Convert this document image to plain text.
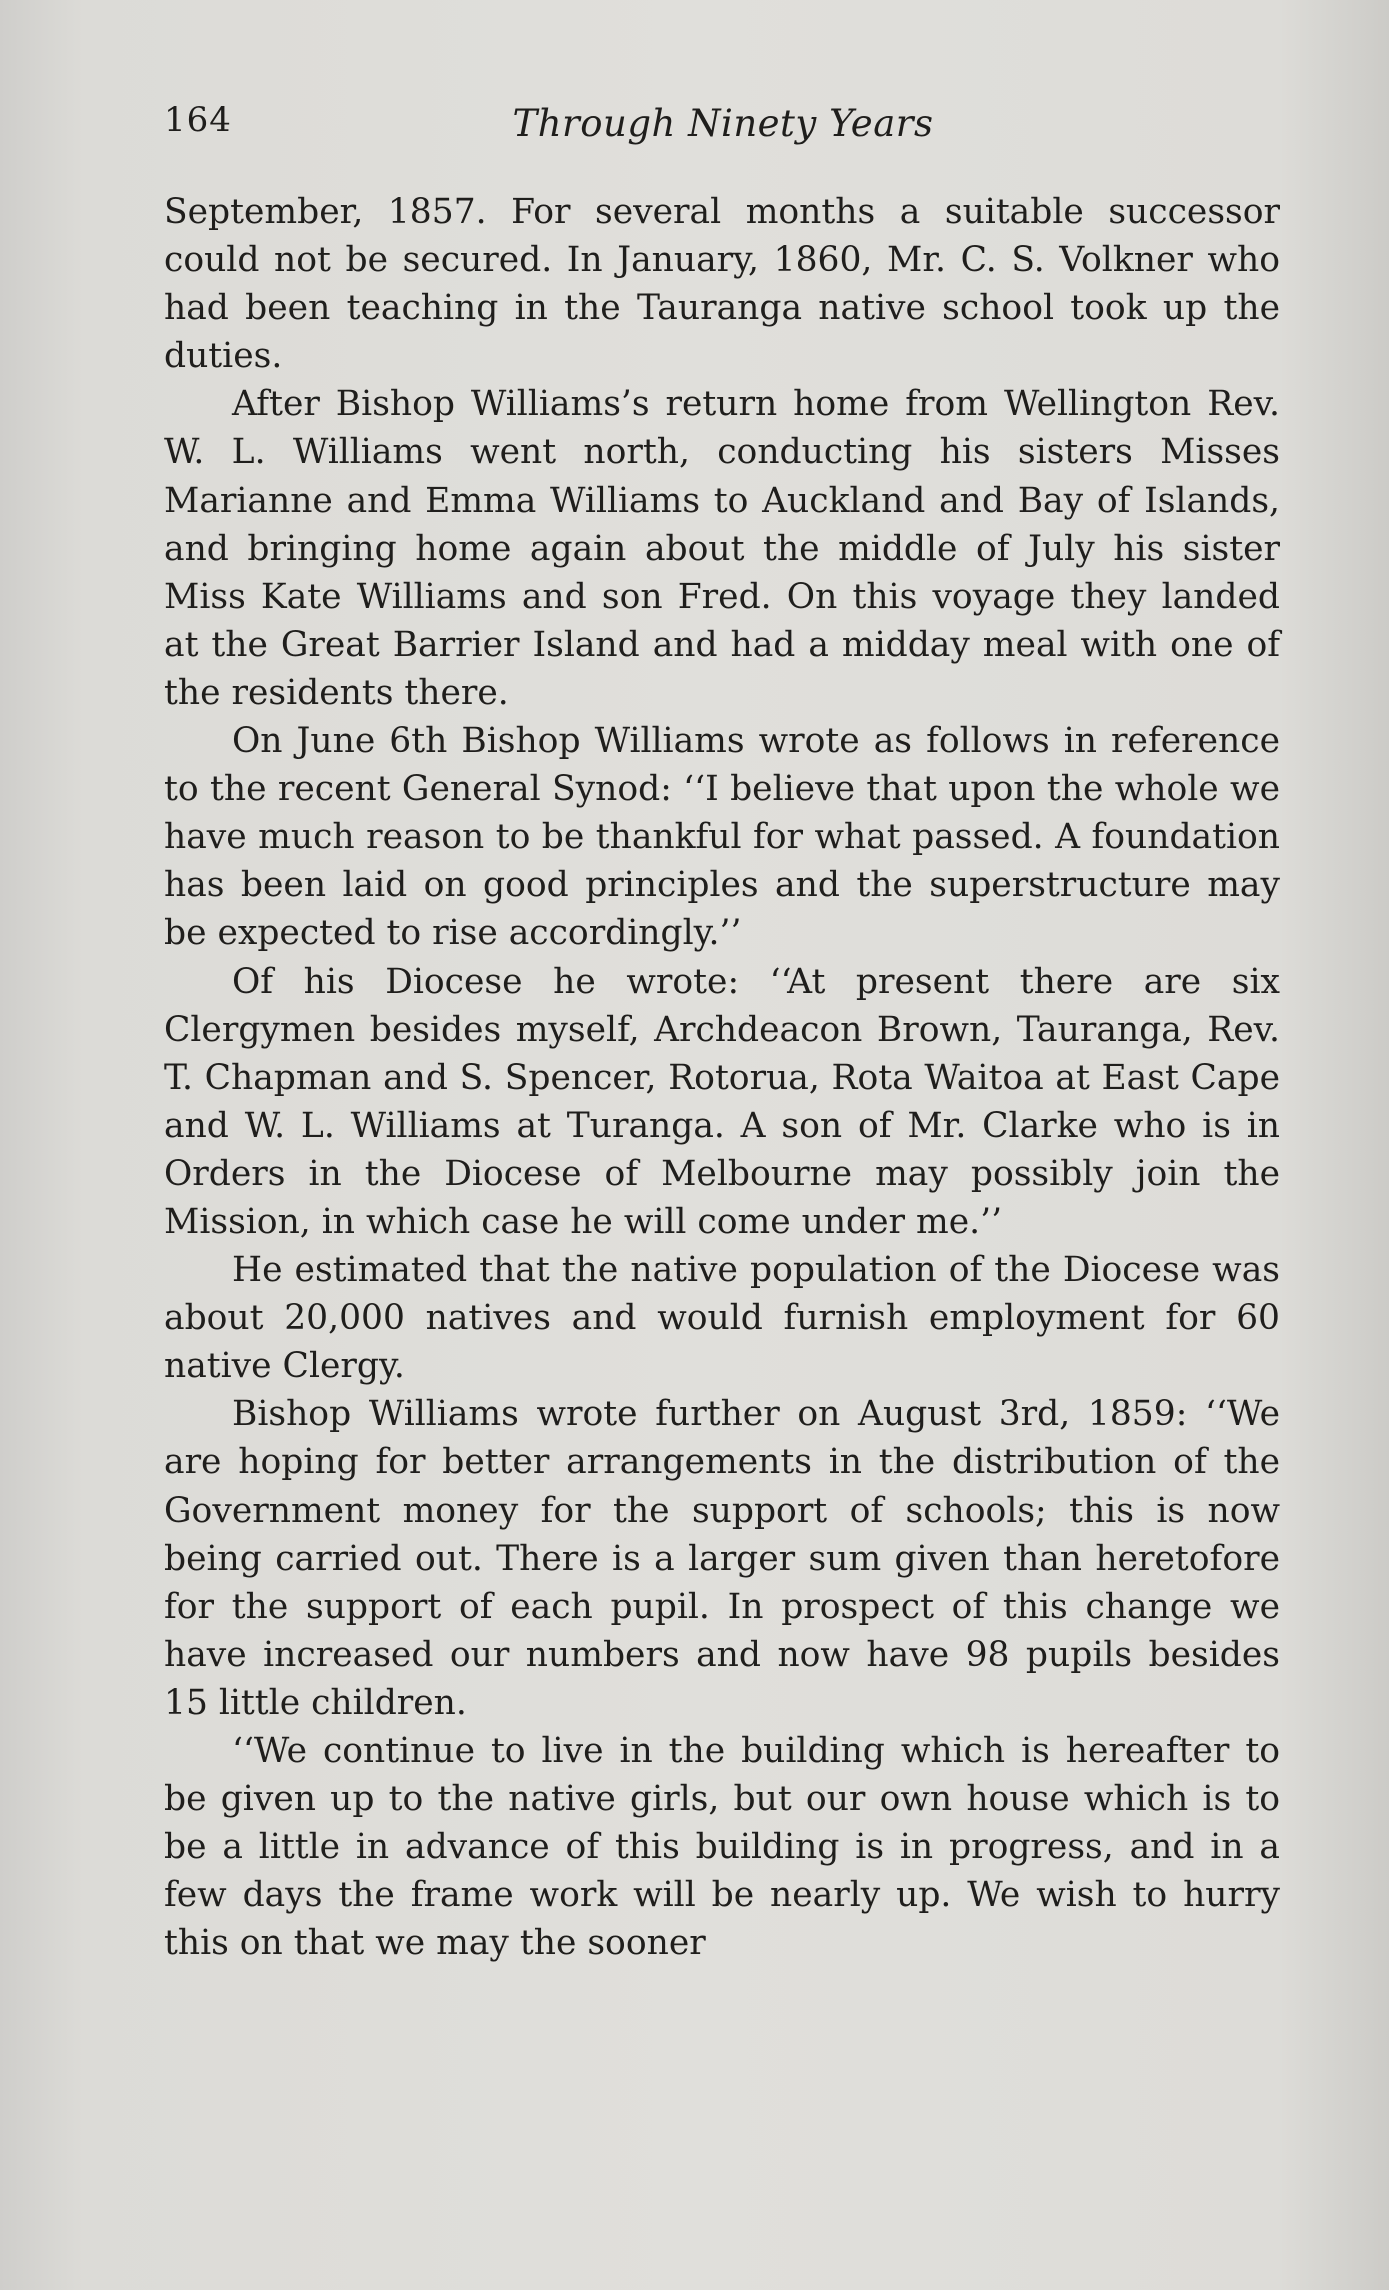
164	Through Ninety Years

September, 1857. For several months a suitable successor could not be secured. In January, 1860, Mr. C. S. Volkner who had been teaching in the Tauranga native school took up the duties.

After Bishop Williams’s return home from Wellington Rev. W. L. Williams went north, conducting his sisters Misses Marianne and Emma Williams to Auckland and Bay of Islands, and bringing home again about the middle of July his sister Miss Kate Williams and son Fred. On this voyage they landed at the Great Barrier Island and had a midday meal with one of the residents there.

On June 6th Bishop Williams wrote as follows in reference to the recent General Synod: ‘‘I believe that upon the whole we have much reason to be thankful for what passed. A foundation has been laid on good principles and the superstructure may be expected to rise accordingly.’’

Of his Diocese he wrote: ‘‘At present there are six Clergymen besides myself, Archdeacon Brown, Tauranga, Rev. T. Chapman and S. Spencer, Rotorua, Rota Waitoa at East Cape and W. L. Williams at Turanga. A son of Mr. Clarke who is in Orders in the Diocese of Melbourne may possibly join the Mission, in which case he will come under me.’’

He estimated that the native population of the Diocese was about 20,000 natives and would furnish employment for 60 native Clergy.

Bishop Williams wrote further on August 3rd, 1859: ‘‘We are hoping for better arrangements in the distribution of the Government money for the support of schools; this is now being carried out. There is a larger sum given than heretofore for the support of each pupil. In prospect of this change we have increased our numbers and now have 98 pupils besides 15 little children.

‘‘We continue to live in the building which is hereafter to be given up to the native girls, but our own house which is to be a little in advance of this building is in progress, and in a few days the frame work will be nearly up. We wish to hurry this on that we may the sooner
